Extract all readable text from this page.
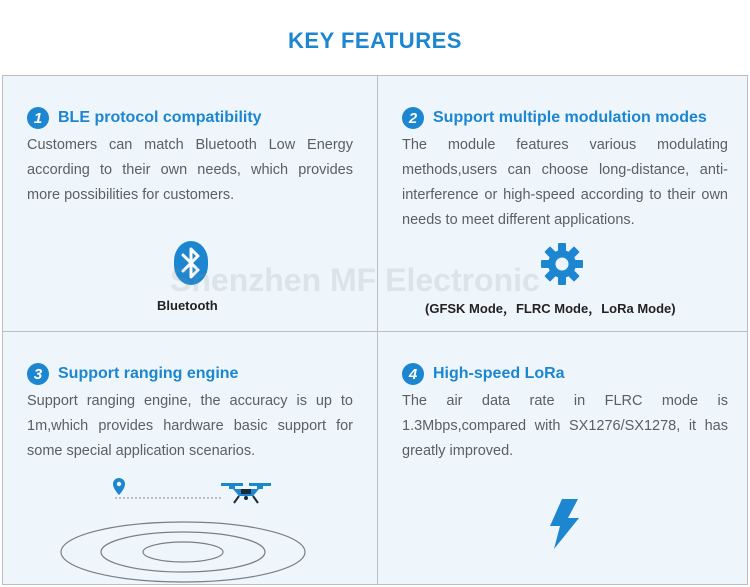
KEY FEATURES
1 BLE protocol compatibility
Customers can match Bluetooth Low Energy according to their own needs, which provides more possibilities for customers.
Bluetooth
2 Support multiple modulation modes
The module features various modulating methods,users can choose long-distance, anti-interference or high-speed according to their own needs to meet different applications.
(GFSK Mode，FLRC Mode，LoRa Mode)
3 Support ranging engine
Support ranging engine, the accuracy is up to 1m,which provides hardware basic support for some special application scenarios.
4 High-speed LoRa
The air data rate in FLRC mode is 1.3Mbps,compared with SX1276/SX1278, it has greatly improved.
